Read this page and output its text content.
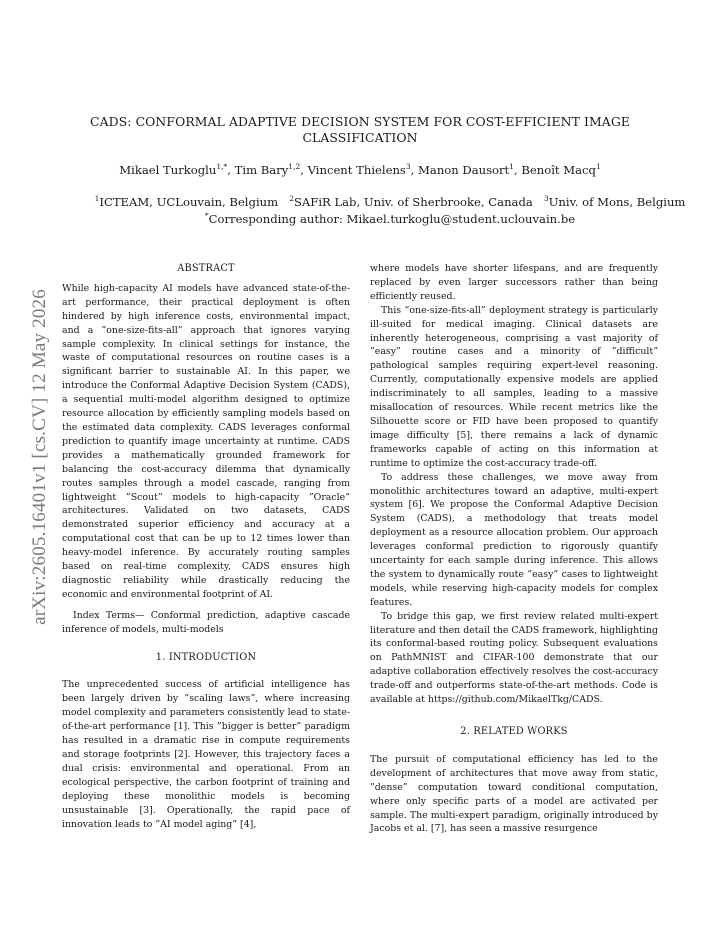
arXiv:2605.16401v1 [cs.CV] 12 May 2026
CADS: CONFORMAL ADAPTIVE DECISION SYSTEM FOR COST-EFFICIENT IMAGE CLASSIFICATION
Mikael Turkoglu$^{1,*}$, Tim Bary$^{1,2}$, Vincent Thielens$^3$, Manon Dausort$^1$, Benoît Macq$^1$
$^1$ICTEAM, UCLouvain, Belgium $^2$SAFiR Lab, Univ. of Sherbrooke, Canada $^3$Univ. of Mons, Belgium
*Corresponding author: Mikael.turkoglu@student.uclouvain.be
ABSTRACT

While high-capacity AI models have advanced state-of-the-art performance, their practical deployment is often hindered by high inference costs, environmental impact, and a ”one-size-fits-all” approach that ignores varying sample complexity. In clinical settings for instance, the waste of computational resources on routine cases is a significant barrier to sustainable AI. In this paper, we introduce the Conformal Adaptive Decision System (CADS), a sequential multi-model algorithm designed to optimize resource allocation by efficiently sampling models based on the estimated data complexity. CADS leverages conformal prediction to quantify image uncertainty at runtime. CADS provides a mathematically grounded framework for balancing the cost-accuracy dilemma that dynamically routes samples through a model cascade, ranging from lightweight ”Scout” models to high-capacity ”Oracle” architectures. Validated on two datasets, CADS demonstrated superior efficiency and accuracy at a computational cost that can be up to 12 times lower than heavy-model inference. By accurately routing samples based on real-time complexity, CADS ensures high diagnostic reliability while drastically reducing the economic and environmental footprint of AI.

Index Terms— Conformal prediction, adaptive cascade inference of models, multi-models

1. INTRODUCTION

The unprecedented success of artificial intelligence has been largely driven by ”scaling laws”, where increasing model complexity and parameters consistently lead to state-of-the-art performance [1]. This ”bigger is better” paradigm has resulted in a dramatic rise in compute requirements and storage footprints [2]. However, this trajectory faces a dual crisis: environmental and operational. From an ecological perspective, the carbon footprint of training and deploying these monolithic models is becoming unsustainable [3]. Operationally, the rapid pace of innovation leads to ”AI model aging” [4],

where models have shorter lifespans, and are frequently replaced by even larger successors rather than being efficiently reused.

This ”one-size-fits-all” deployment strategy is particularly ill-suited for medical imaging. Clinical datasets are inherently heterogeneous, comprising a vast majority of ”easy” routine cases and a minority of ”difficult” pathological samples requiring expert-level reasoning. Currently, computationally expensive models are applied indiscriminately to all samples, leading to a massive misallocation of resources. While recent metrics like the Silhouette score or FID have been proposed to quantify image difficulty [5], there remains a lack of dynamic frameworks capable of acting on this information at runtime to optimize the cost-accuracy trade-off.

To address these challenges, we move away from monolithic architectures toward an adaptive, multi-expert system [6]. We propose the Conformal Adaptive Decision System (CADS), a methodology that treats model deployment as a resource allocation problem. Our approach leverages conformal prediction to rigorously quantify uncertainty for each sample during inference. This allows the system to dynamically route ”easy” cases to lightweight models, while reserving high-capacity models for complex features.

To bridge this gap, we first review related multi-expert literature and then detail the CADS framework, highlighting its conformal-based routing policy. Subsequent evaluations on PathMNIST and CIFAR-100 demonstrate that our adaptive collaboration effectively resolves the cost-accuracy trade-off and outperforms state-of-the-art methods. Code is available at https://github.com/MikaelTkg/CADS.

2. RELATED WORKS

The pursuit of computational efficiency has led to the development of architectures that move away from static, ”dense” computation toward conditional computation, where only specific parts of a model are activated per sample. The multi-expert paradigm, originally introduced by Jacobs et al. [7], has seen a massive resurgence
